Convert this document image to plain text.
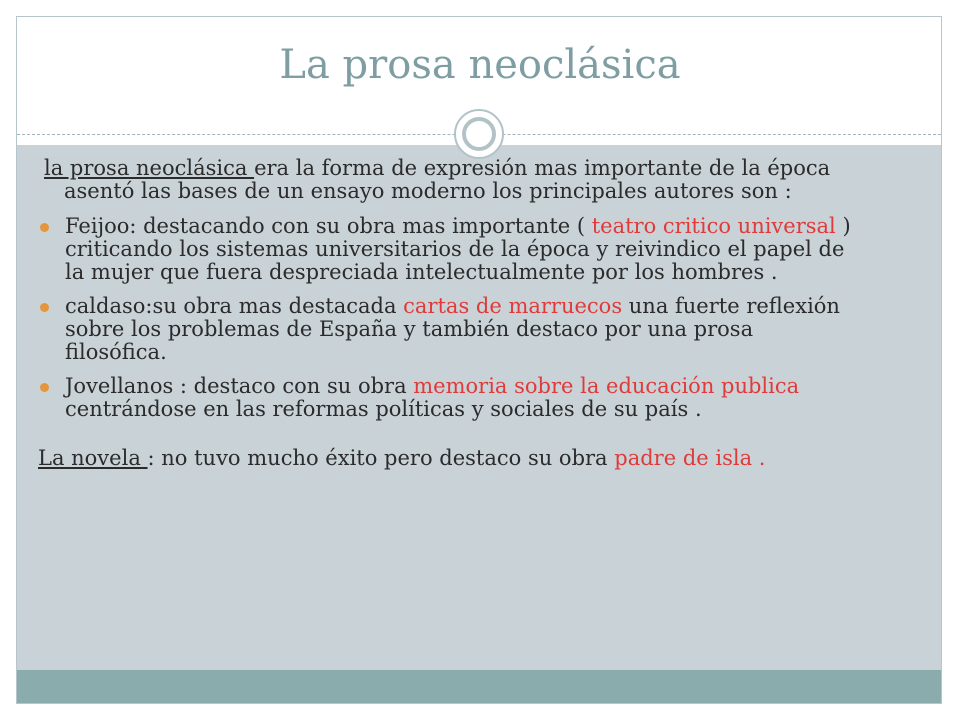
La prosa neoclásica

la prosa neoclásica era la forma de expresión mas importante de la época asentó las bases de un ensayo moderno los principales autores son :

Feijoo: destacando con su obra mas importante ( teatro critico universal ) criticando los sistemas universitarios de la época y reivindico el papel de la mujer que fuera despreciada intelectualmente por los hombres .
caldaso:su obra mas destacada cartas de marruecos una fuerte reflexión sobre los problemas de España y también destaco por una prosa filosófica.
Jovellanos : destaco con su obra memoria sobre la educación publica centrándose en las reformas políticas y sociales de su país .

La novela : no tuvo mucho éxito pero destaco su obra padre de isla .
